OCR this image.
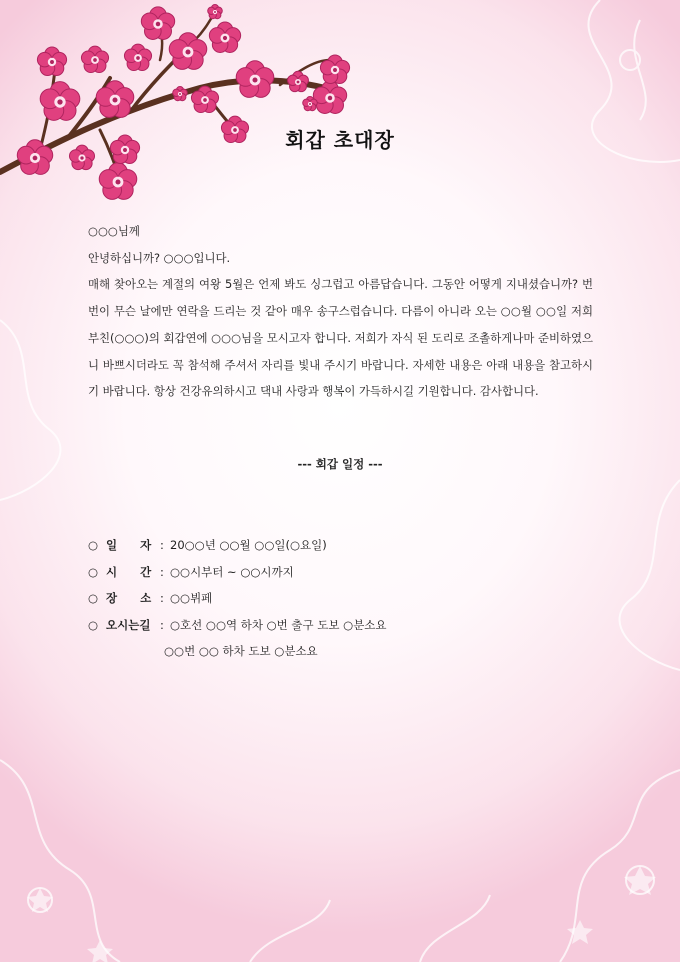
회갑 초대장
○○○님께
안녕하십니까? ○○○입니다.
매해 찾아오는 계절의 여왕 5월은 언제 봐도 싱그럽고 아름답습니다. 그동안 어떻게 지내셨습니까? 번번이 무슨 날에만 연락을 드리는 것 같아 매우 송구스럽습니다. 다름이 아니라 오는 ○○월 ○○일 저희 부친(○○○)의 회갑연에 ○○○님을 모시고자 합니다. 저희가 자식 된 도리로 조촐하게나마 준비하였으니 바쁘시더라도 꼭 참석해 주셔서 자리를 빛내 주시기 바랍니다. 자세한 내용은 아래 내용을 참고하시기 바랍니다. 항상 건강유의하시고 댁내 사랑과 행복이 가득하시길 기원합니다. 감사합니다.
--- 회갑 일정 ---
○ 일　　자 : 20○○년 ○○월 ○○일(○요일)
○ 시　　간 : ○○시부터 ~ ○○시까지
○ 장　　소 : ○○뷔페
○ 오시는길 : ○호선 ○○역 하차 ○번 출구 도보 ○분소요
○○번 ○○ 하차 도보 ○분소요
